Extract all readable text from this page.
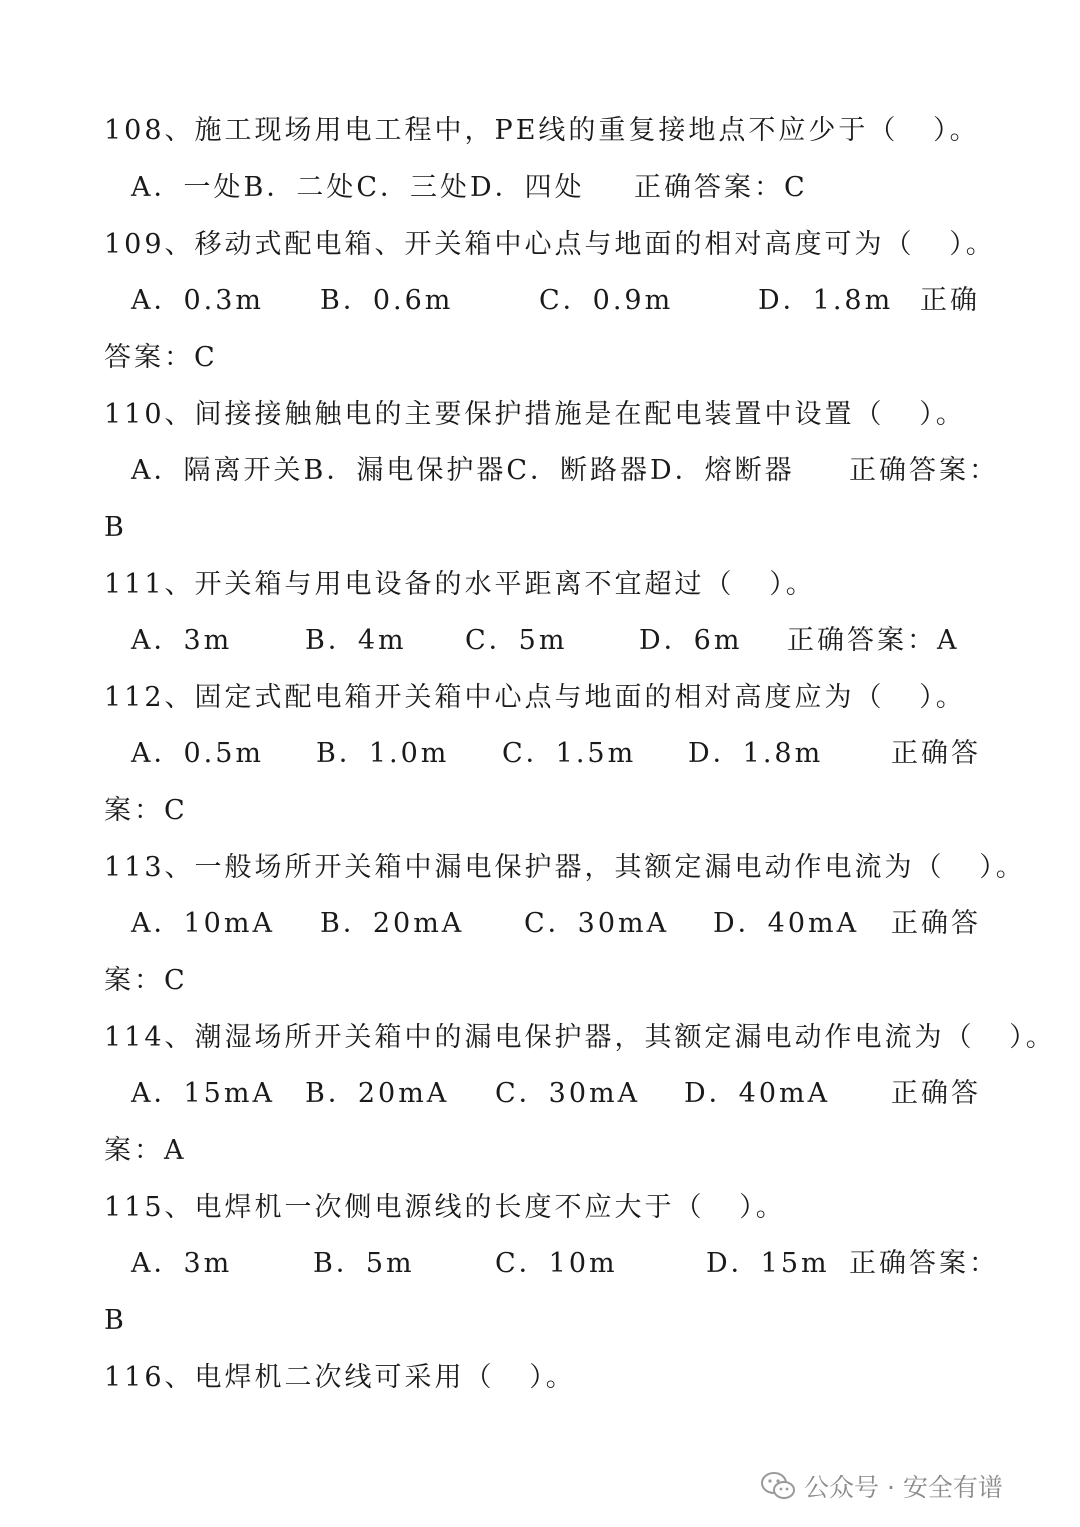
108、施工现场用电工程中，PE线的重复接地点不应少于（   ）。
A．一处B．二处C．三处D．四处 正确答案：C
109、移动式配电箱、开关箱中心点与地面的相对高度可为（   ）。
A．0.3m B．0.6m	C．0.9m	D．1.8m 正确
答案：C
110、间接接触触电的主要保护措施是在配电装置中设置（   ）。
A．隔离开关B．漏电保护器C．断路器D．熔断器 正确答案：
B
111、开关箱与用电设备的水平距离不宜超过（   ）。
A．3m	B．4m C．5m	D．6m 正确答案：A
112、固定式配电箱开关箱中心点与地面的相对高度应为（   ）。
A．0.5m B．1.0m C．1.5m D．1.8m	正确答
案：C
113、一般场所开关箱中漏电保护器，其额定漏电动作电流为（   ）。
A．10mA B．20mA C．30mA D．40mA 正确答
案：C
114、潮湿场所开关箱中的漏电保护器，其额定漏电动作电流为（   ）。
A．15mA B．20mA C．30mA D．40mA 正确答
案：A
115、电焊机一次侧电源线的长度不应大于（   ）。
A．3m	B．5m	C．10m	D．15m 正确答案：
B
116、电焊机二次线可采用（   ）。
公众号 · 安全有谱
